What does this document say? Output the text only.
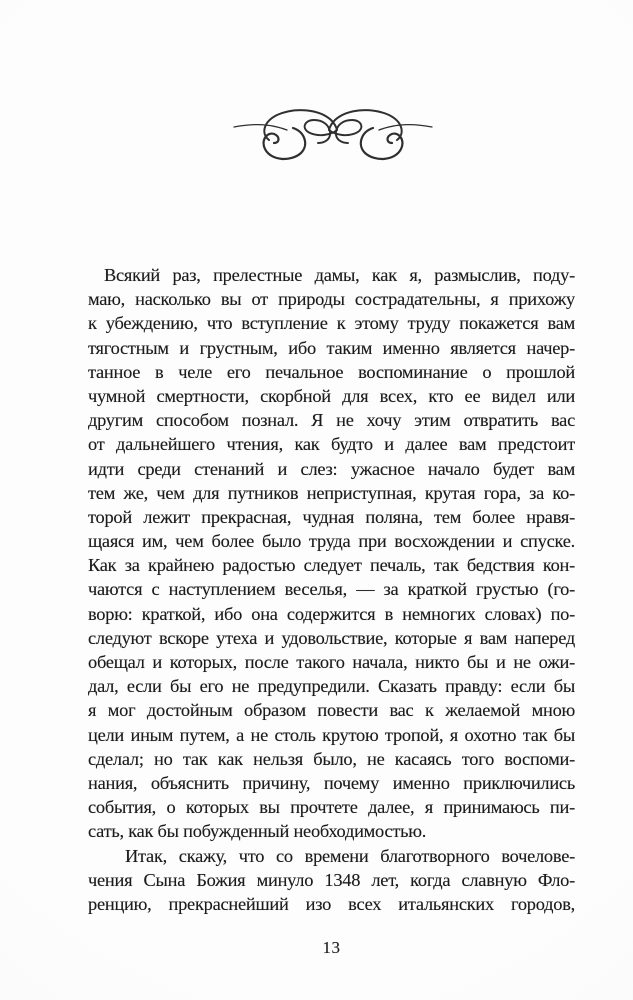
Всякий раз, прелестные дамы, как я, размыслив, поду-
маю, насколько вы от природы сострадательны, я прихожу
к убеждению, что вступление к этому труду покажется вам
тягостным и грустным, ибо таким именно является начер-
танное в челе его печальное воспоминание о прошлой
чумной смертности, скорбной для всех, кто ее видел или
другим способом познал. Я не хочу этим отвратить вас
от дальнейшего чтения, как будто и далее вам предстоит
идти среди стенаний и слез: ужасное начало будет вам
тем же, чем для путников неприступная, крутая гора, за ко-
торой лежит прекрасная, чудная поляна, тем более нравя-
щаяся им, чем более было труда при восхождении и спуске.
Как за крайнею радостью следует печаль, так бедствия кон-
чаются с наступлением веселья, — за краткой грустью (го-
ворю: краткой, ибо она содержится в немногих словах) по-
следуют вскоре утеха и удовольствие, которые я вам наперед
обещал и которых, после такого начала, никто бы и не ожи-
дал, если бы его не предупредили. Сказать правду: если бы
я мог достойным образом повести вас к желаемой мною
цели иным путем, а не столь крутою тропой, я охотно так бы
сделал; но так как нельзя было, не касаясь того воспоми-
нания, объяснить причину, почему именно приключились
события, о которых вы прочтете далее, я принимаюсь пи-
сать, как бы побужденный необходимостью.
Итак, скажу, что со времени благотворного вочелове-
чения Сына Божия минуло 1348 лет, когда славную Фло-
ренцию, прекраснейший изо всех итальянских городов,
13
